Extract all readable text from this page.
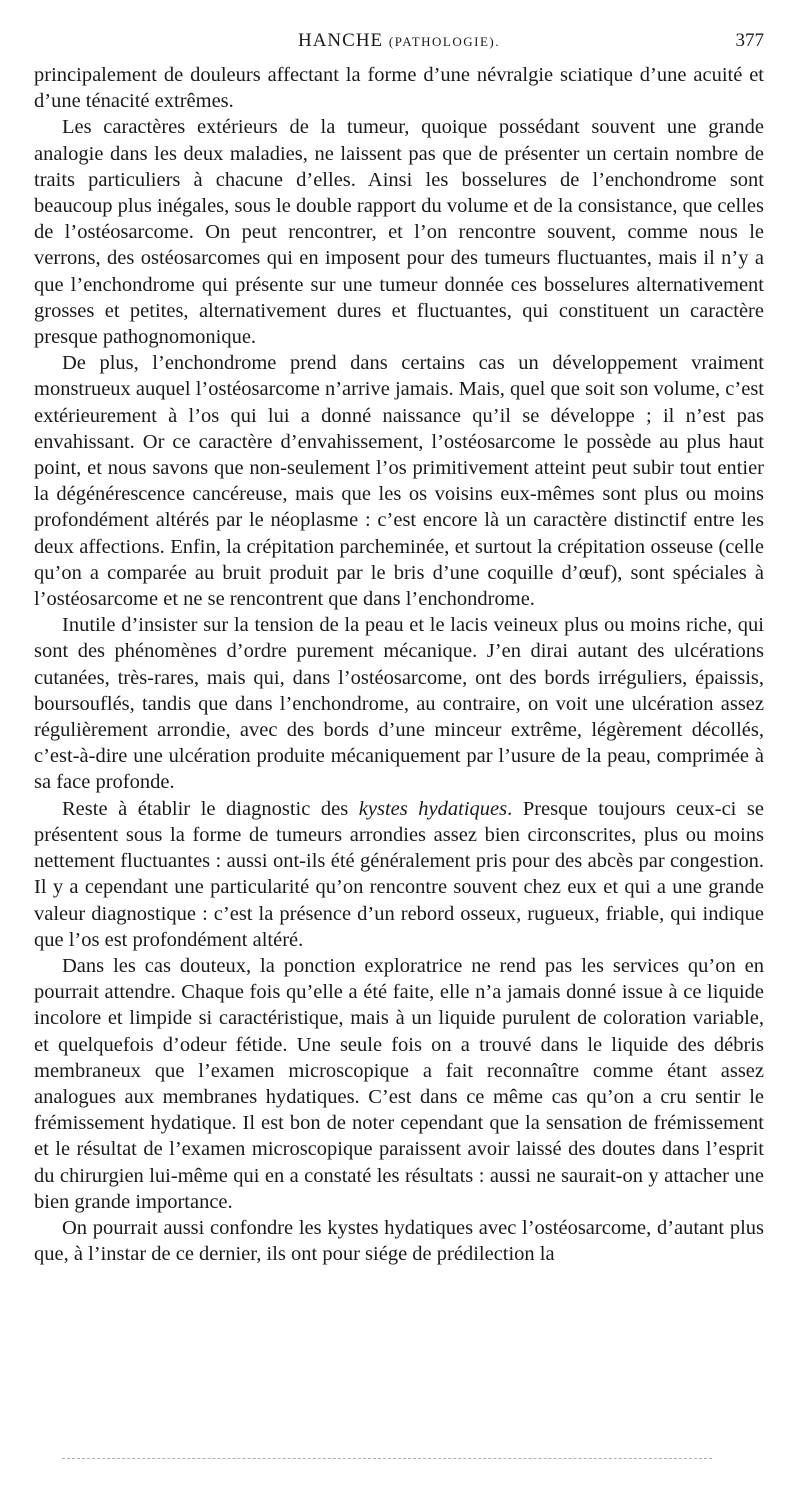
HANCHE (PATHOLOGIE).	377

principalement de douleurs affectant la forme d’une névralgie sciatique d’une acuité et d’une ténacité extrêmes.

Les caractères extérieurs de la tumeur, quoique possédant souvent une grande analogie dans les deux maladies, ne laissent pas que de présenter un certain nombre de traits particuliers à chacune d’elles. Ainsi les bosselures de l’enchondrome sont beaucoup plus inégales, sous le double rapport du volume et de la consistance, que celles de l’ostéosarcome. On peut rencontrer, et l’on rencontre souvent, comme nous le verrons, des ostéosarcomes qui en imposent pour des tumeurs fluctuantes, mais il n’y a que l’enchondrome qui présente sur une tumeur donnée ces bosselures alternativement grosses et petites, alternativement dures et fluctuantes, qui constituent un caractère presque pathognomonique.

De plus, l’enchondrome prend dans certains cas un développement vraiment monstrueux auquel l’ostéosarcome n’arrive jamais. Mais, quel que soit son volume, c’est extérieurement à l’os qui lui a donné naissance qu’il se développe ; il n’est pas envahissant. Or ce caractère d’envahissement, l’ostéosarcome le possède au plus haut point, et nous savons que non-seulement l’os primitivement atteint peut subir tout entier la dégénérescence cancéreuse, mais que les os voisins eux-mêmes sont plus ou moins profondément altérés par le néoplasme : c’est encore là un caractère distinctif entre les deux affections. Enfin, la crépitation parcheminée, et surtout la crépitation osseuse (celle qu’on a comparée au bruit produit par le bris d’une coquille d’œuf), sont spéciales à l’ostéosarcome et ne se rencontrent que dans l’enchondrome.

Inutile d’insister sur la tension de la peau et le lacis veineux plus ou moins riche, qui sont des phénomènes d’ordre purement mécanique. J’en dirai autant des ulcérations cutanées, très-rares, mais qui, dans l’ostéosarcome, ont des bords irréguliers, épaissis, boursouflés, tandis que dans l’enchondrome, au contraire, on voit une ulcération assez régulièrement arrondie, avec des bords d’une minceur extrême, légèrement décollés, c’est-à-dire une ulcération produite mécaniquement par l’usure de la peau, comprimée à sa face profonde.

Reste à établir le diagnostic des kystes hydatiques. Presque toujours ceux-ci se présentent sous la forme de tumeurs arrondies assez bien circonscrites, plus ou moins nettement fluctuantes : aussi ont-ils été généralement pris pour des abcès par congestion. Il y a cependant une particularité qu’on rencontre souvent chez eux et qui a une grande valeur diagnostique : c’est la présence d’un rebord osseux, rugueux, friable, qui indique que l’os est profondément altéré.

Dans les cas douteux, la ponction exploratrice ne rend pas les services qu’on en pourrait attendre. Chaque fois qu’elle a été faite, elle n’a jamais donné issue à ce liquide incolore et limpide si caractéristique, mais à un liquide purulent de coloration variable, et quelquefois d’odeur fétide. Une seule fois on a trouvé dans le liquide des débris membraneux que l’examen microscopique a fait reconnaître comme étant assez analogues aux membranes hydatiques. C’est dans ce même cas qu’on a cru sentir le frémissement hydatique. Il est bon de noter cependant que la sensation de frémissement et le résultat de l’examen microscopique paraissent avoir laissé des doutes dans l’esprit du chirurgien lui-même qui en a constaté les résultats : aussi ne saurait-on y attacher une bien grande importance.

On pourrait aussi confondre les kystes hydatiques avec l’ostéosarcome, d’autant plus que, à l’instar de ce dernier, ils ont pour siége de prédilection la
